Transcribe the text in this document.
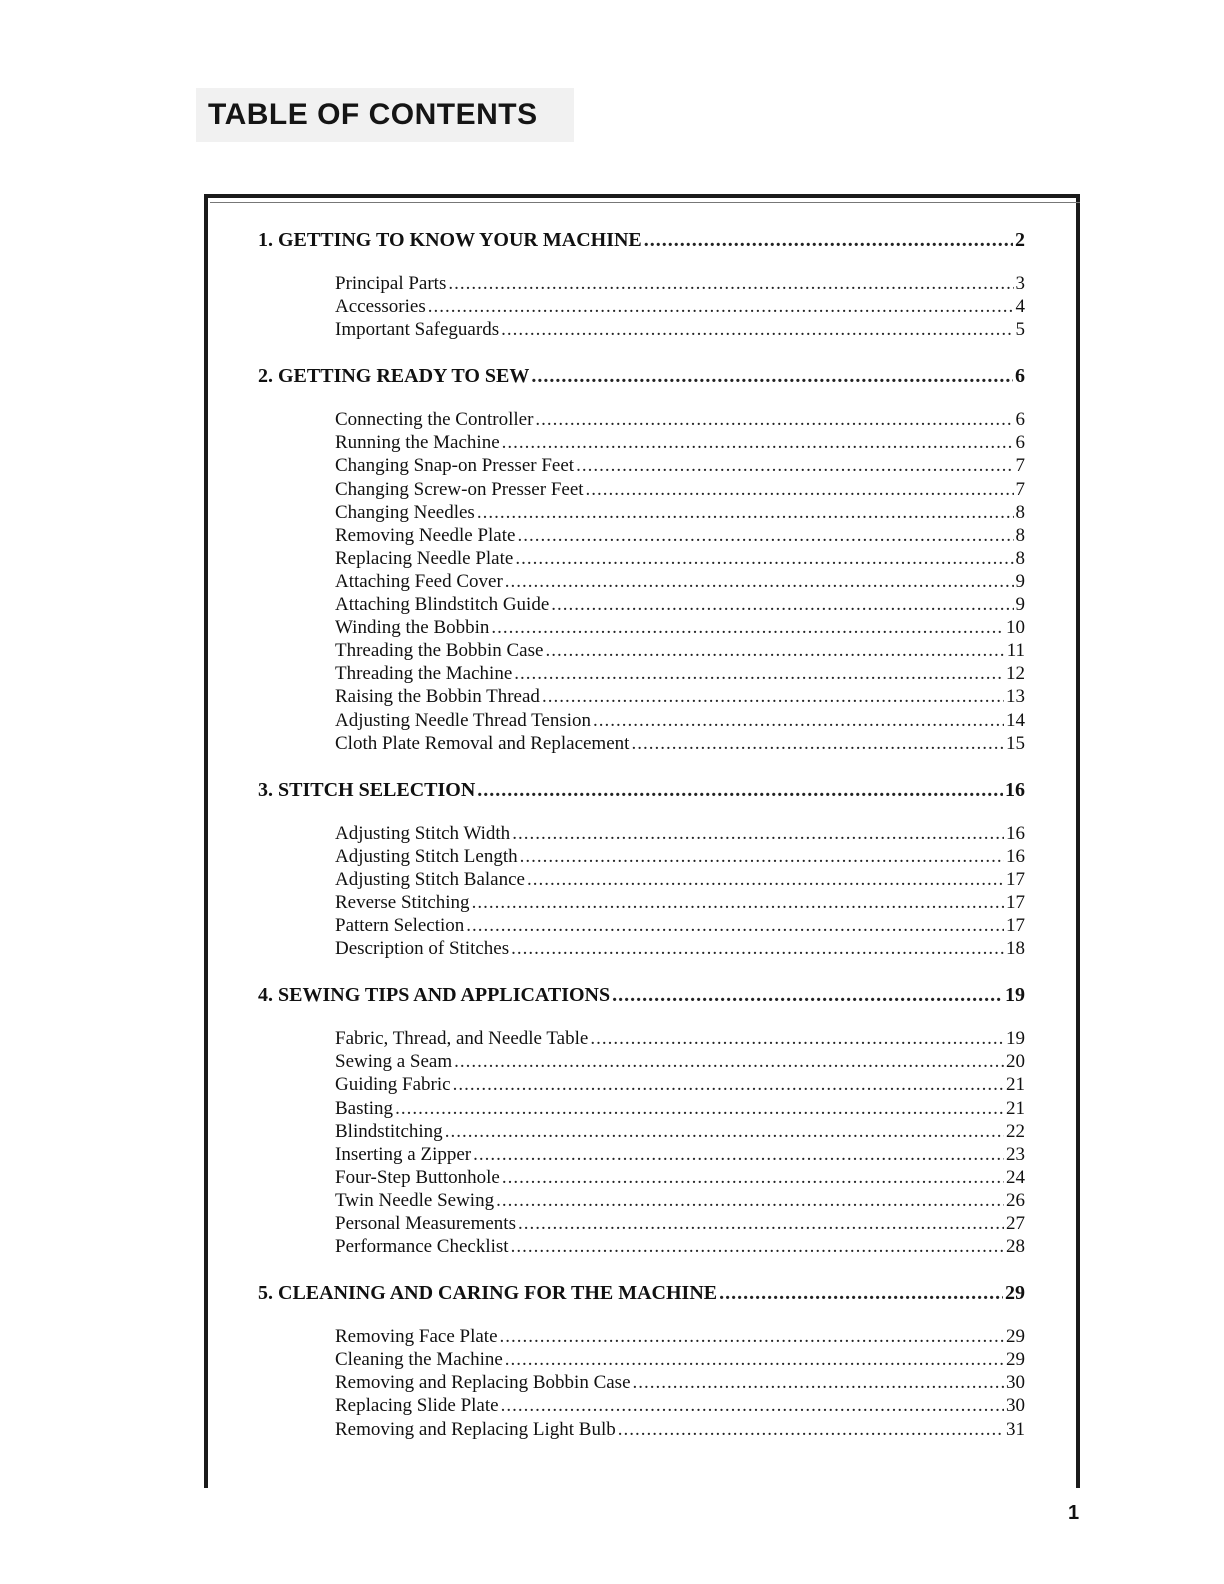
TABLE OF CONTENTS
1. GETTING TO KNOW YOUR MACHINE .....	2
Principal Parts .....	3
Accessories .....	4
Important Safeguards .....	5
2. GETTING READY TO SEW .....	6
Connecting the Controller .....	6
Running the Machine .....	6
Changing Snap-on Presser Feet .....	7
Changing Screw-on Presser Feet .....	7
Changing Needles .....	8
Removing Needle Plate .....	8
Replacing Needle Plate .....	8
Attaching Feed Cover .....	9
Attaching Blindstitch Guide .....	9
Winding the Bobbin .....	10
Threading the Bobbin Case .....	11
Threading the Machine .....	12
Raising the Bobbin Thread .....	13
Adjusting Needle Thread Tension .....	14
Cloth Plate Removal and Replacement .....	15
3. STITCH SELECTION .....	16
Adjusting Stitch Width .....	16
Adjusting Stitch Length .....	16
Adjusting Stitch Balance .....	17
Reverse Stitching .....	17
Pattern Selection .....	17
Description of Stitches .....	18
4. SEWING TIPS AND APPLICATIONS .....	19
Fabric, Thread, and Needle Table .....	19
Sewing a Seam .....	20
Guiding Fabric .....	21
Basting .....	21
Blindstitching .....	22
Inserting a Zipper .....	23
Four-Step Buttonhole .....	24
Twin Needle Sewing .....	26
Personal Measurements .....	27
Performance Checklist .....	28
5. CLEANING AND CARING FOR THE MACHINE .....	29
Removing Face Plate .....	29
Cleaning the Machine .....	29
Removing and Replacing Bobbin Case .....	30
Replacing Slide Plate .....	30
Removing and Replacing Light Bulb .....	31
1
